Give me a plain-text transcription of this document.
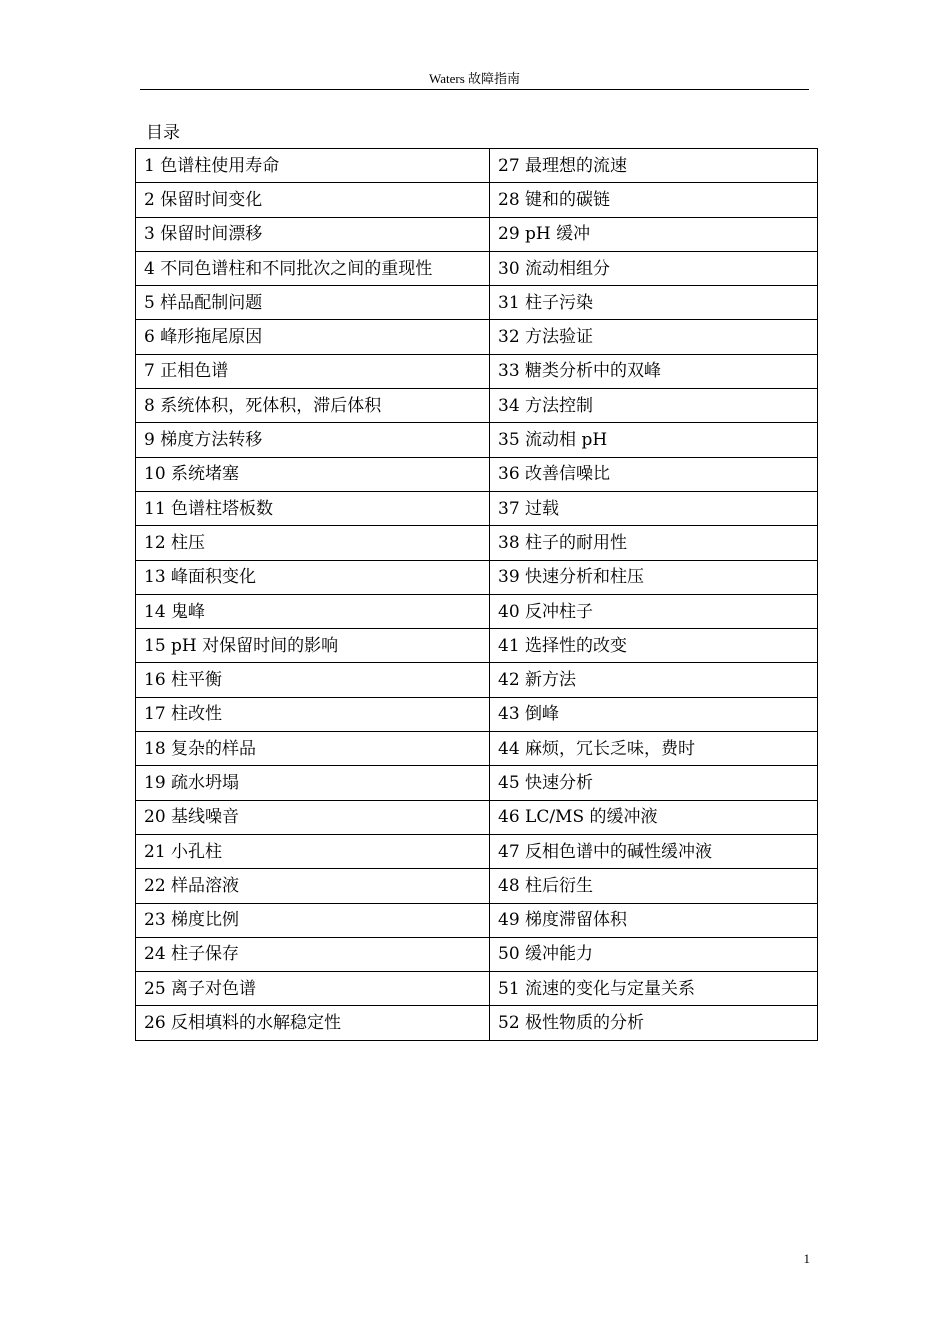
Waters 故障指南
目录
1 色谱柱使用寿命	27 最理想的流速
2 保留时间变化	28 键和的碳链
3 保留时间漂移	29 pH 缓冲
4 不同色谱柱和不同批次之间的重现性	30 流动相组分
5 样品配制问题	31 柱子污染
6 峰形拖尾原因	32 方法验证
7 正相色谱	33 糖类分析中的双峰
8 系统体积，死体积，滞后体积	34 方法控制
9 梯度方法转移	35 流动相 pH
10 系统堵塞	36 改善信噪比
11 色谱柱塔板数	37 过载
12 柱压	38 柱子的耐用性
13 峰面积变化	39 快速分析和柱压
14 鬼峰	40 反冲柱子
15 pH 对保留时间的影响	41 选择性的改变
16 柱平衡	42 新方法
17 柱改性	43 倒峰
18 复杂的样品	44 麻烦，冗长乏味，费时
19 疏水坍塌	45 快速分析
20 基线噪音	46 LC/MS 的缓冲液
21 小孔柱	47 反相色谱中的碱性缓冲液
22 样品溶液	48 柱后衍生
23 梯度比例	49 梯度滞留体积
24 柱子保存	50 缓冲能力
25 离子对色谱	51 流速的变化与定量关系
26 反相填料的水解稳定性	52 极性物质的分析
1
